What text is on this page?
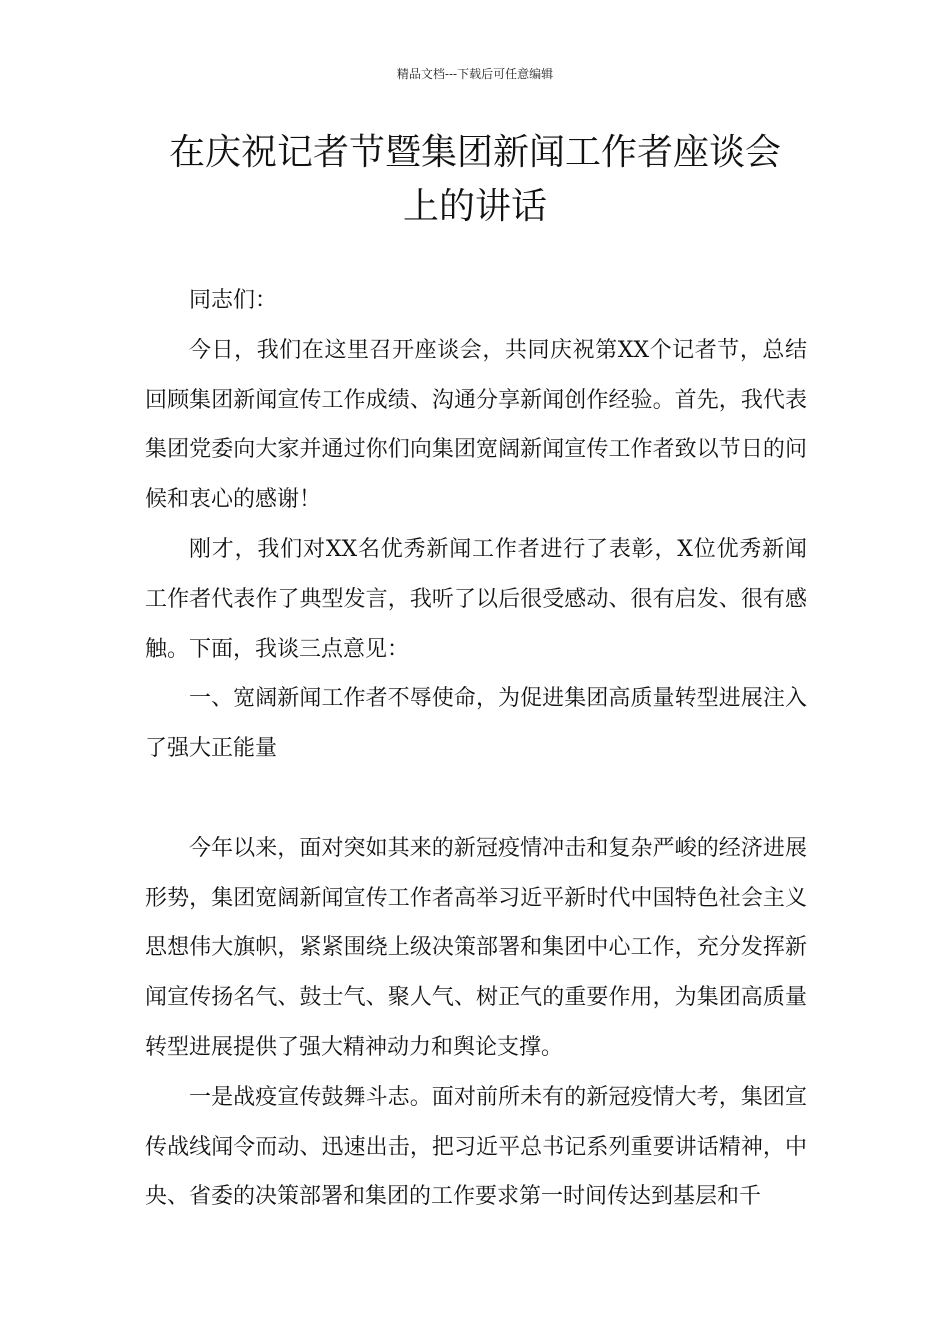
精品文档---下载后可任意编辑
在庆祝记者节暨集团新闻工作者座谈会
上的讲话

同志们：

今日，我们在这里召开座谈会，共同庆祝第XX个记者节，总结回顾集团新闻宣传工作成绩、沟通分享新闻创作经验。首先，我代表集团党委向大家并通过你们向集团宽阔新闻宣传工作者致以节日的问候和衷心的感谢！

刚才，我们对XX名优秀新闻工作者进行了表彰，X位优秀新闻工作者代表作了典型发言，我听了以后很受感动、很有启发、很有感触。下面，我谈三点意见：

一、宽阔新闻工作者不辱使命，为促进集团高质量转型进展注入了强大正能量

今年以来，面对突如其来的新冠疫情冲击和复杂严峻的经济进展形势，集团宽阔新闻宣传工作者高举习近平新时代中国特色社会主义思想伟大旗帜，紧紧围绕上级决策部署和集团中心工作，充分发挥新闻宣传扬名气、鼓士气、聚人气、树正气的重要作用，为集团高质量转型进展提供了强大精神动力和舆论支撑。

一是战疫宣传鼓舞斗志。面对前所未有的新冠疫情大考，集团宣传战线闻令而动、迅速出击，把习近平总书记系列重要讲话精神，中央、省委的决策部署和集团的工作要求第一时间传达到基层和千
